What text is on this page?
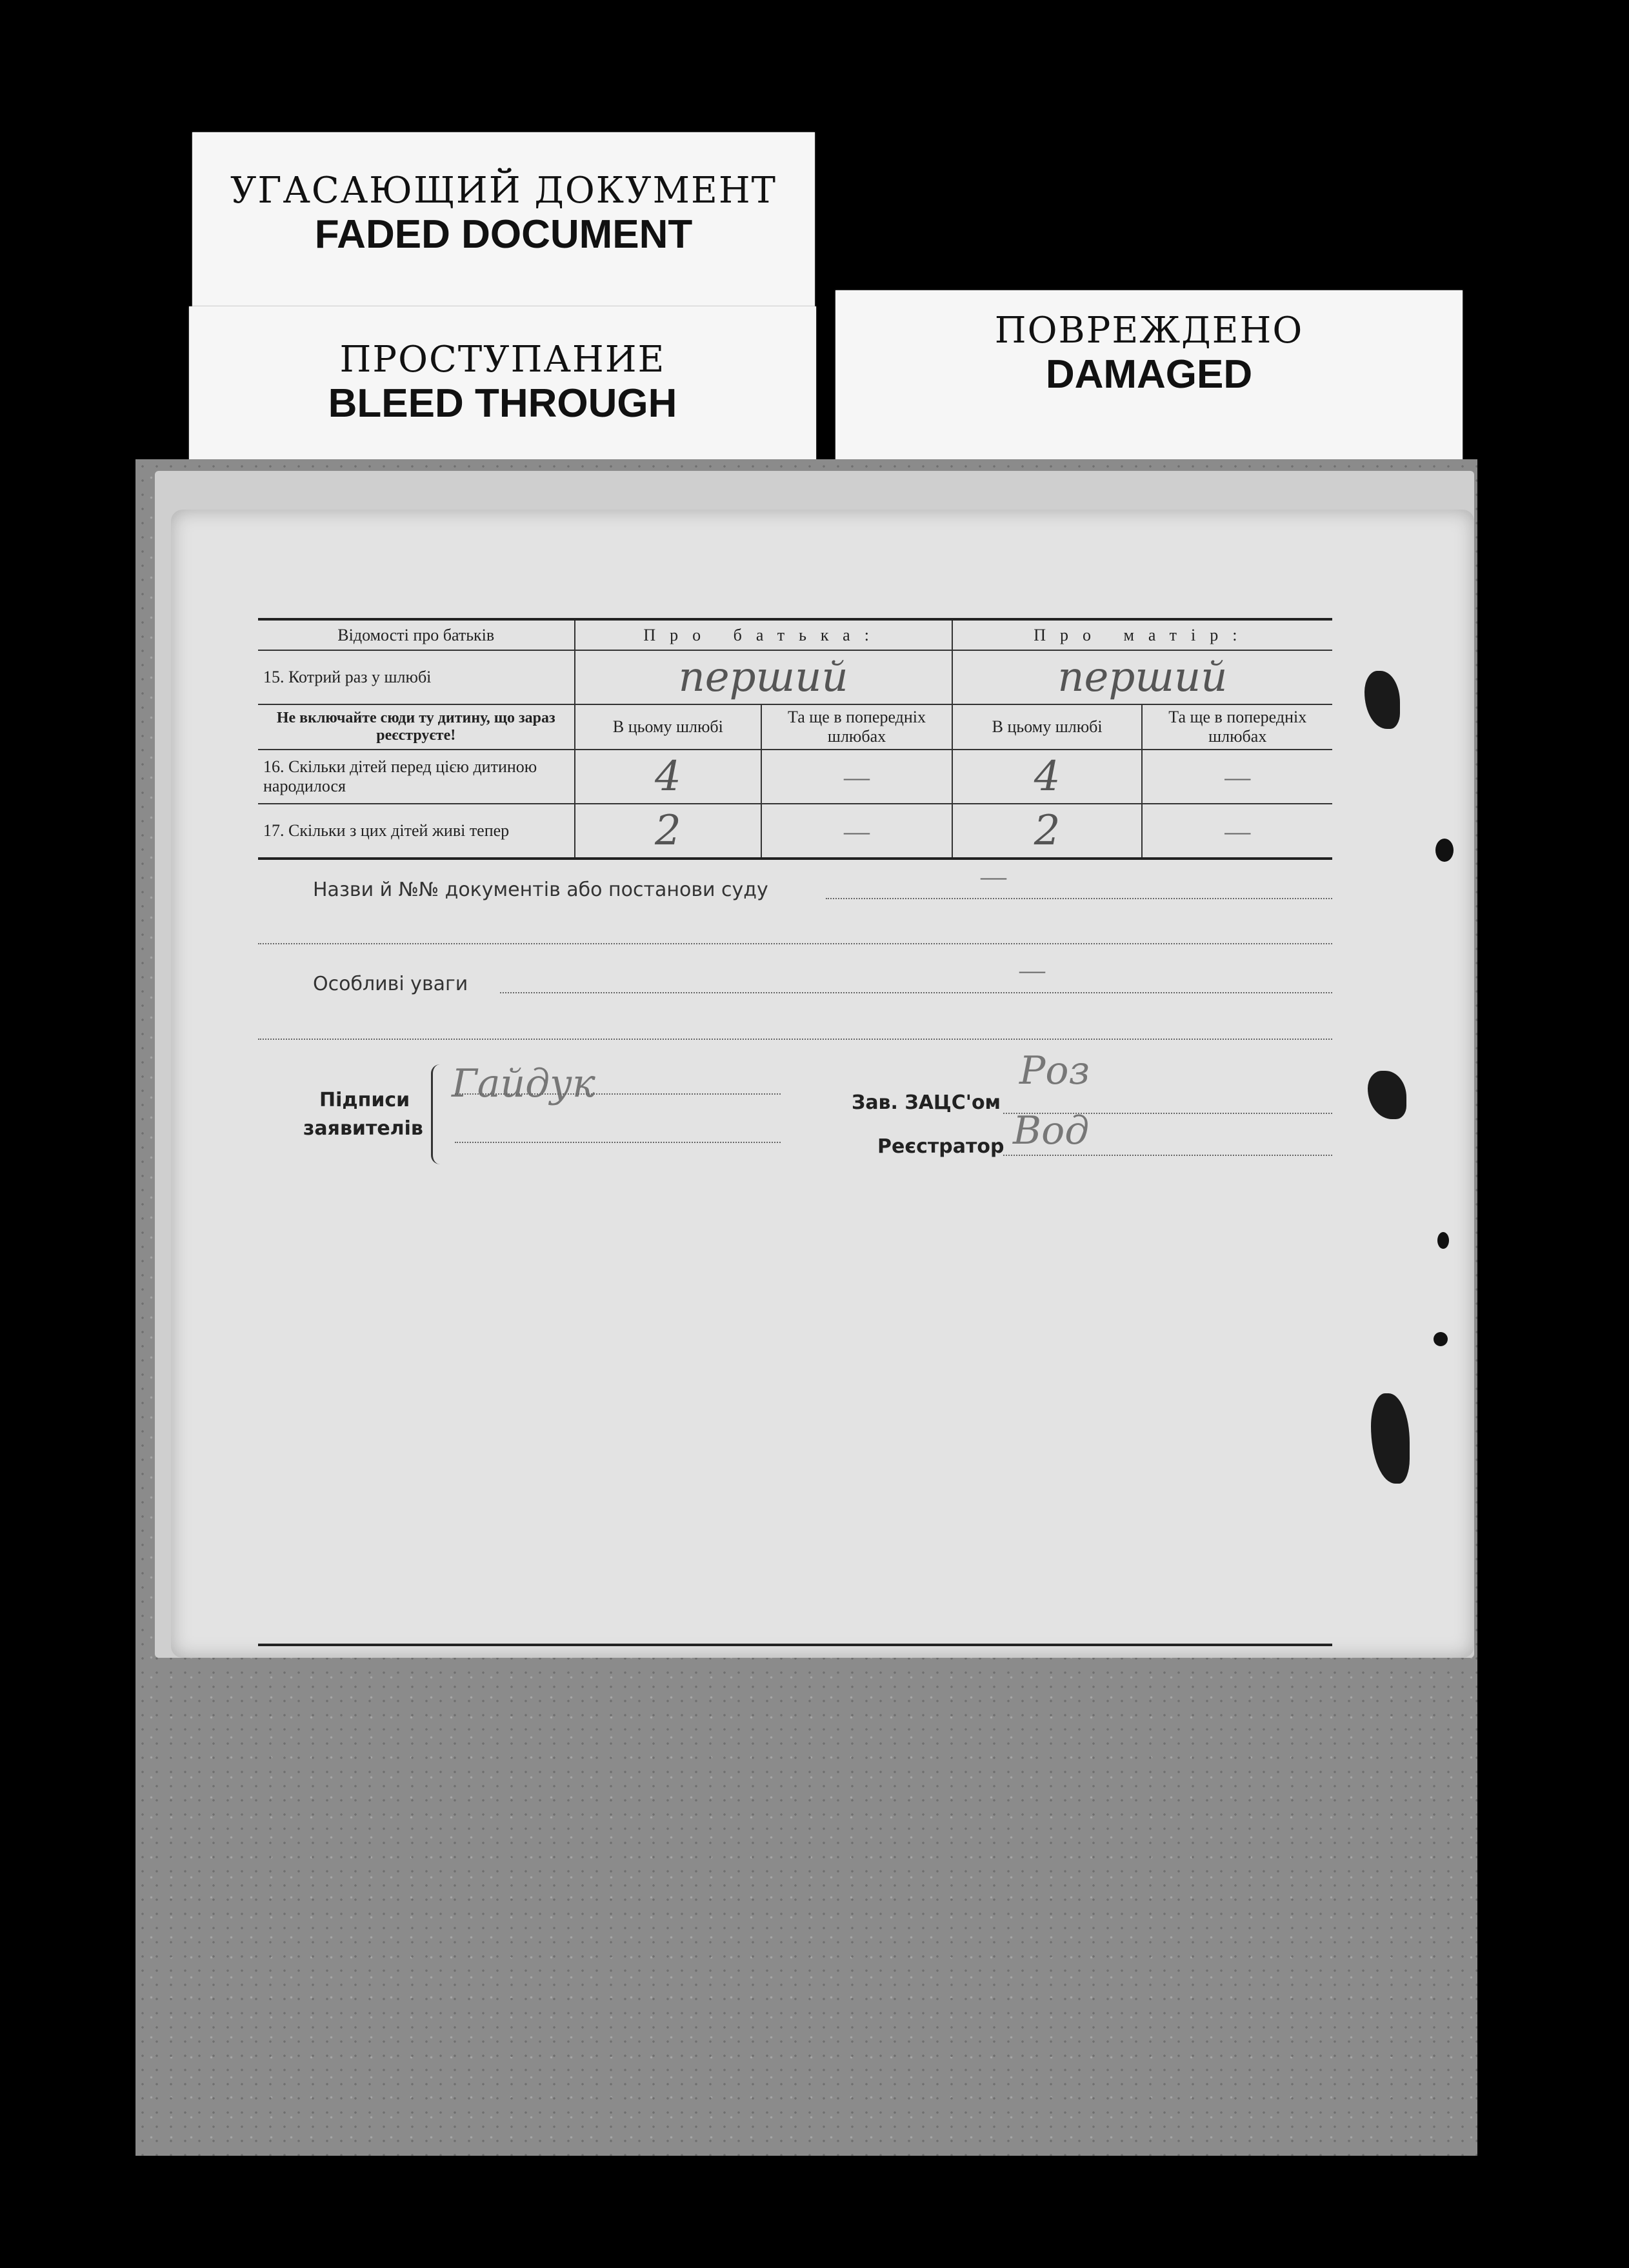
УГАСАЮЩИЙ ДОКУМЕНТ
FADED DOCUMENT
ПРОСТУПАНИЕ
BLEED THROUGH
ПОВРЕЖДЕНО
DAMAGED
Відомості про батьків	Про батька:		Про матір:	
15. Котрий раз у шлюбі	перший		перший	
Не включайте сюди ту дитину, що зараз реєструєте!	В цьому шлюбі	Та ще в попередніх шлюбах	В цьому шлюбі	Та ще в попередніх шлюбах
16. Скільки дітей перед цією дитиною народилося	4	—	4	—
17. Скільки з цих дітей живі тепер	2	—	2	—
Назви й №№ документів або постанови суду	—
Особливі уваги	—
Підписи
заявителів
Гайдук	Зав. ЗАЦС'ом
Реєстратор
Роз
Вод
